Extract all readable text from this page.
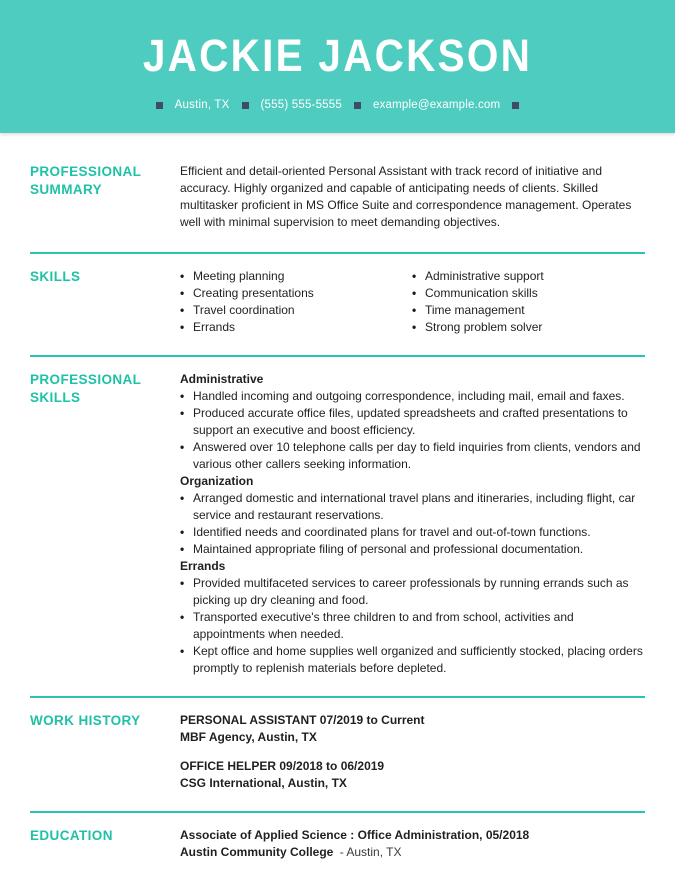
JACKIE JACKSON
Austin, TX	(555) 555-5555	example@example.com
PROFESSIONAL SUMMARY

Efficient and detail-oriented Personal Assistant with track record of initiative and accuracy. Highly organized and capable of anticipating needs of clients. Skilled multitasker proficient in MS Office Suite and correspondence management. Operates well with minimal supervision to meet demanding objectives.

SKILLS	• Meeting planning
• Creating presentations
• Travel coordination
• Errands
• Administrative support
• Communication skills
• Time management
• Strong problem solver
PROFESSIONAL SKILLS
Administrative
• Handled incoming and outgoing correspondence, including mail, email and faxes.
• Produced accurate office files, updated spreadsheets and crafted presentations to support an executive and boost efficiency.
• Answered over 10 telephone calls per day to field inquiries from clients, vendors and various other callers seeking information.
Organization
• Arranged domestic and international travel plans and itineraries, including flight, car service and restaurant reservations.
• Identified needs and coordinated plans for travel and out-of-town functions.
• Maintained appropriate filing of personal and professional documentation.
Errands
• Provided multifaceted services to career professionals by running errands such as picking up dry cleaning and food.
• Transported executive's three children to and from school, activities and appointments when needed.
• Kept office and home supplies well organized and sufficiently stocked, placing orders promptly to replenish materials before depleted.
WORK HISTORY	PERSONAL ASSISTANT 07/2019 to Current
MBF Agency, Austin, TX
OFFICE HELPER 09/2018 to 06/2019
CSG International, Austin, TX
EDUCATION	Associate of Applied Science : Office Administration, 05/2018
Austin Community College - Austin, TX
